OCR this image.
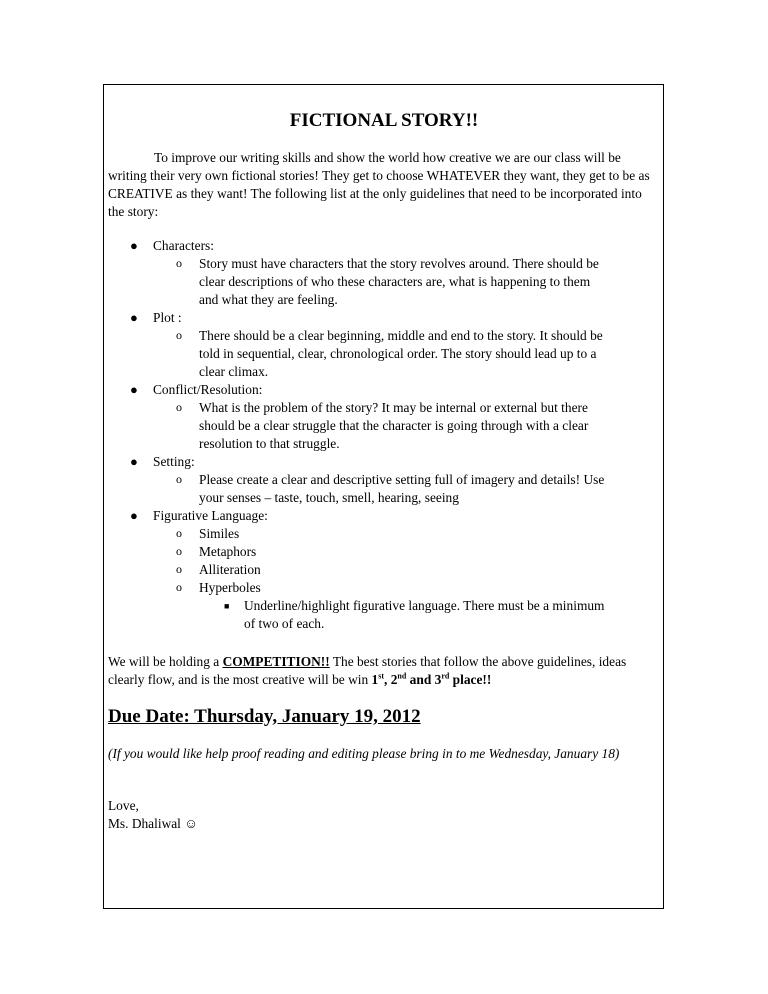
FICTIONAL STORY!!
To improve our writing skills and show the world how creative we are our class will be writing their very own fictional stories! They get to choose WHATEVER they want, they get to be as CREATIVE as they want! The following list at the only guidelines that need to be incorporated into the story:
● Characters:
o Story must have characters that the story revolves around. There should be
clear descriptions of who these characters are, what is happening to them
and what they are feeling.
● Plot :
o There should be a clear beginning, middle and end to the story. It should be
told in sequential, clear, chronological order. The story should lead up to a
clear climax.
● Conflict/Resolution:
o What is the problem of the story? It may be internal or external but there
should be a clear struggle that the character is going through with a clear
resolution to that struggle.
● Setting:
o Please create a clear and descriptive setting full of imagery and details! Use
your senses – taste, touch, smell, hearing, seeing
● Figurative Language:
o Similes
o Metaphors
o Alliteration
o Hyperboles
■ Underline/highlight figurative language. There must be a minimum
of two of each.
We will be holding a COMPETITION!! The best stories that follow the above guidelines, ideas clearly flow, and is the most creative will be win 1st, 2nd and 3rd place!!
Due Date: Thursday, January 19, 2012
(If you would like help proof reading and editing please bring in to me Wednesday, January 18)
Love,
Ms. Dhaliwal ☺
